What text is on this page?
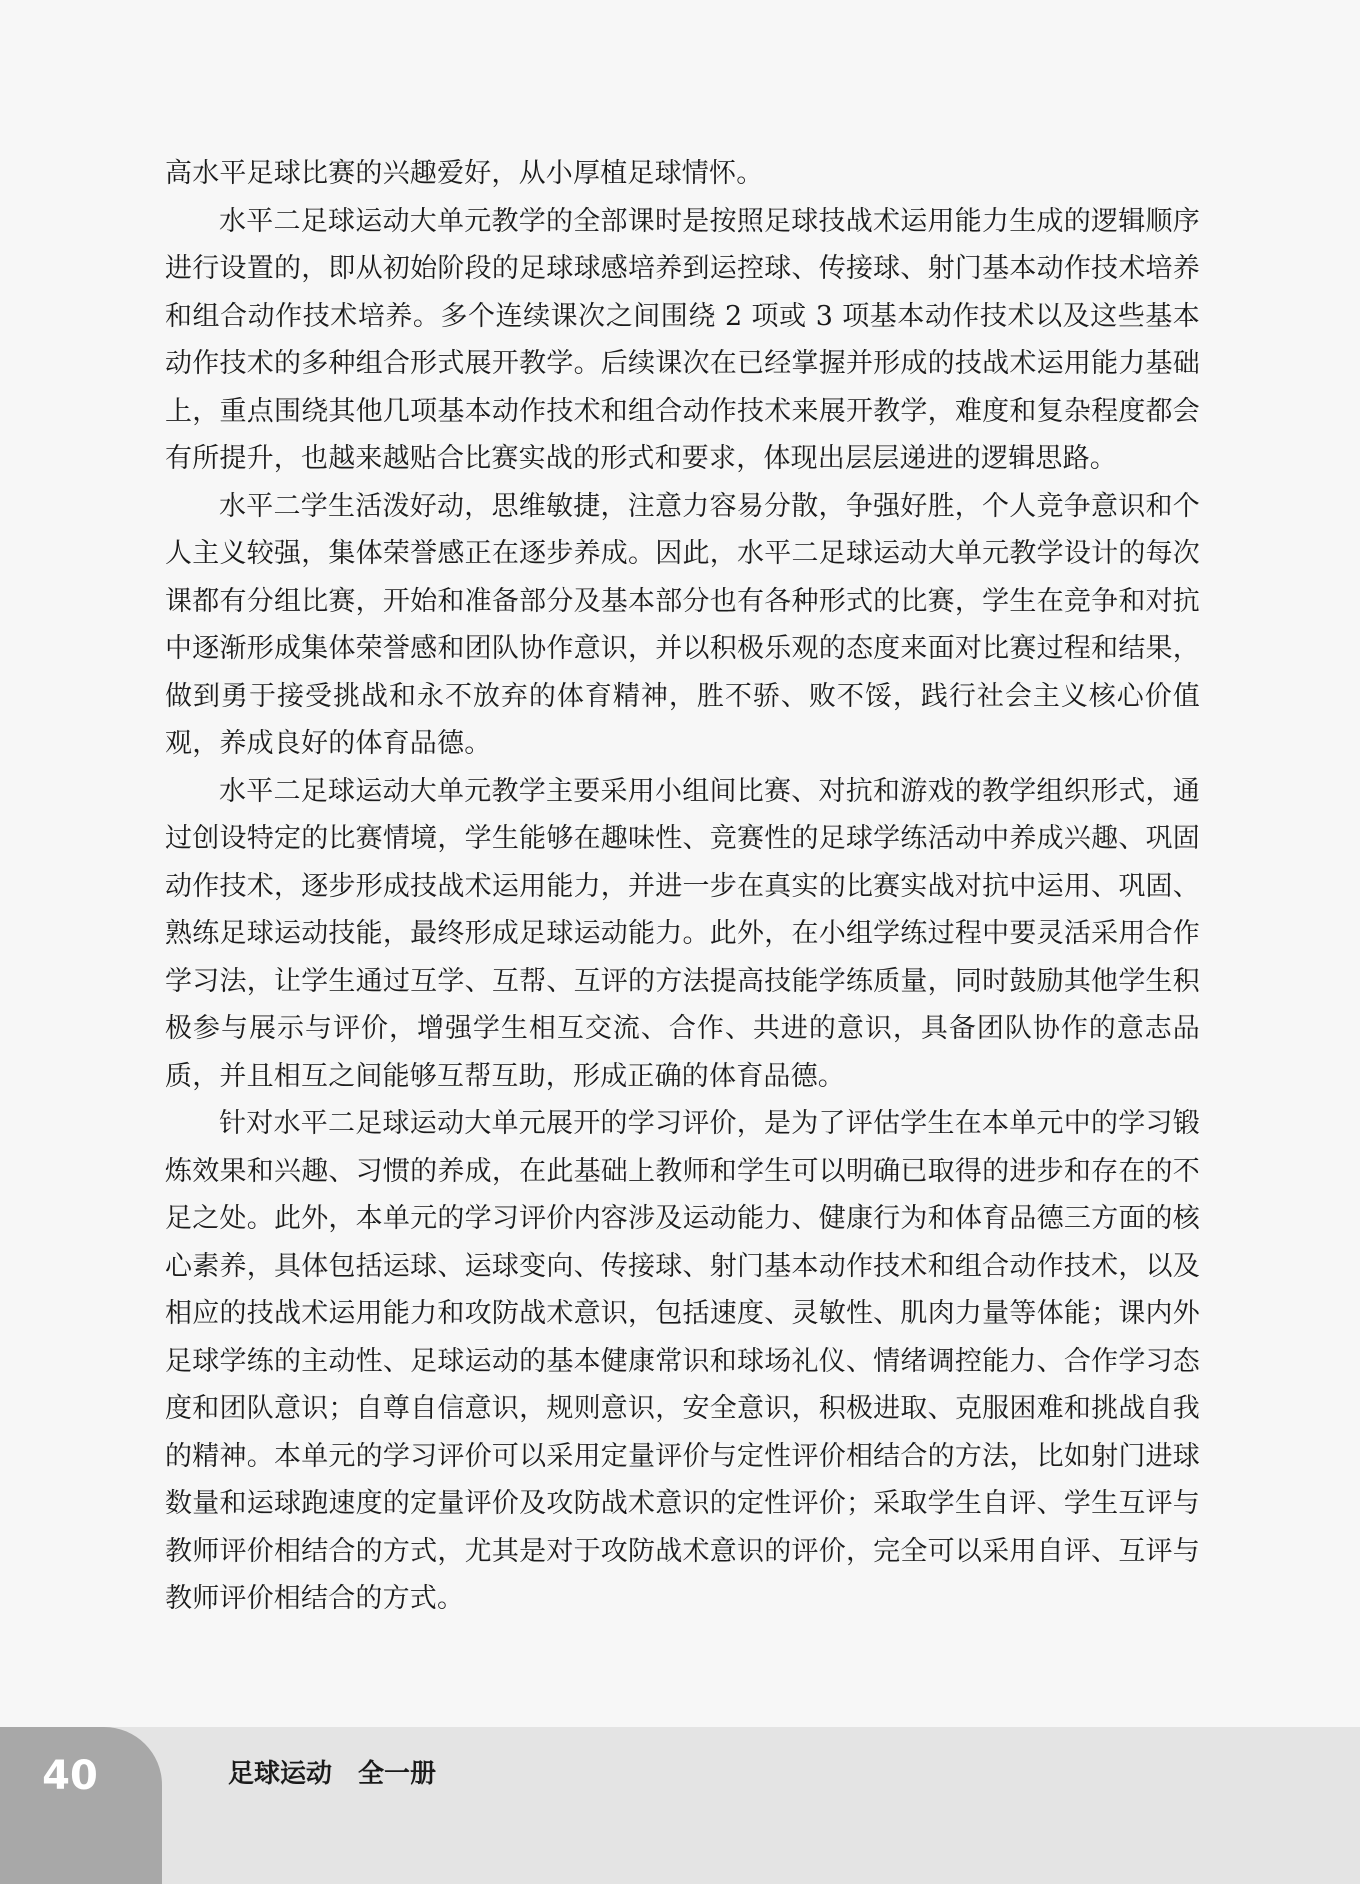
高水平足球比赛的兴趣爱好，从小厚植足球情怀。

水平二足球运动大单元教学的全部课时是按照足球技战术运用能力生成的逻辑顺序进行设置的，即从初始阶段的足球球感培养到运控球、传接球、射门基本动作技术培养和组合动作技术培养。多个连续课次之间围绕 2 项或 3 项基本动作技术以及这些基本动作技术的多种组合形式展开教学。后续课次在已经掌握并形成的技战术运用能力基础上，重点围绕其他几项基本动作技术和组合动作技术来展开教学，难度和复杂程度都会有所提升，也越来越贴合比赛实战的形式和要求，体现出层层递进的逻辑思路。

水平二学生活泼好动，思维敏捷，注意力容易分散，争强好胜，个人竞争意识和个人主义较强，集体荣誉感正在逐步养成。因此，水平二足球运动大单元教学设计的每次课都有分组比赛，开始和准备部分及基本部分也有各种形式的比赛，学生在竞争和对抗中逐渐形成集体荣誉感和团队协作意识，并以积极乐观的态度来面对比赛过程和结果，做到勇于接受挑战和永不放弃的体育精神，胜不骄、败不馁，践行社会主义核心价值观，养成良好的体育品德。

水平二足球运动大单元教学主要采用小组间比赛、对抗和游戏的教学组织形式，通过创设特定的比赛情境，学生能够在趣味性、竞赛性的足球学练活动中养成兴趣、巩固动作技术，逐步形成技战术运用能力，并进一步在真实的比赛实战对抗中运用、巩固、熟练足球运动技能，最终形成足球运动能力。此外，在小组学练过程中要灵活采用合作学习法，让学生通过互学、互帮、互评的方法提高技能学练质量，同时鼓励其他学生积极参与展示与评价，增强学生相互交流、合作、共进的意识，具备团队协作的意志品质，并且相互之间能够互帮互助，形成正确的体育品德。

针对水平二足球运动大单元展开的学习评价，是为了评估学生在本单元中的学习锻炼效果和兴趣、习惯的养成，在此基础上教师和学生可以明确已取得的进步和存在的不足之处。此外，本单元的学习评价内容涉及运动能力、健康行为和体育品德三方面的核心素养，具体包括运球、运球变向、传接球、射门基本动作技术和组合动作技术，以及相应的技战术运用能力和攻防战术意识，包括速度、灵敏性、肌肉力量等体能；课内外足球学练的主动性、足球运动的基本健康常识和球场礼仪、情绪调控能力、合作学习态度和团队意识；自尊自信意识，规则意识，安全意识，积极进取、克服困难和挑战自我的精神。本单元的学习评价可以采用定量评价与定性评价相结合的方法，比如射门进球数量和运球跑速度的定量评价及攻防战术意识的定性评价；采取学生自评、学生互评与教师评价相结合的方式，尤其是对于攻防战术意识的评价，完全可以采用自评、互评与教师评价相结合的方式。

40	足球运动　全一册
